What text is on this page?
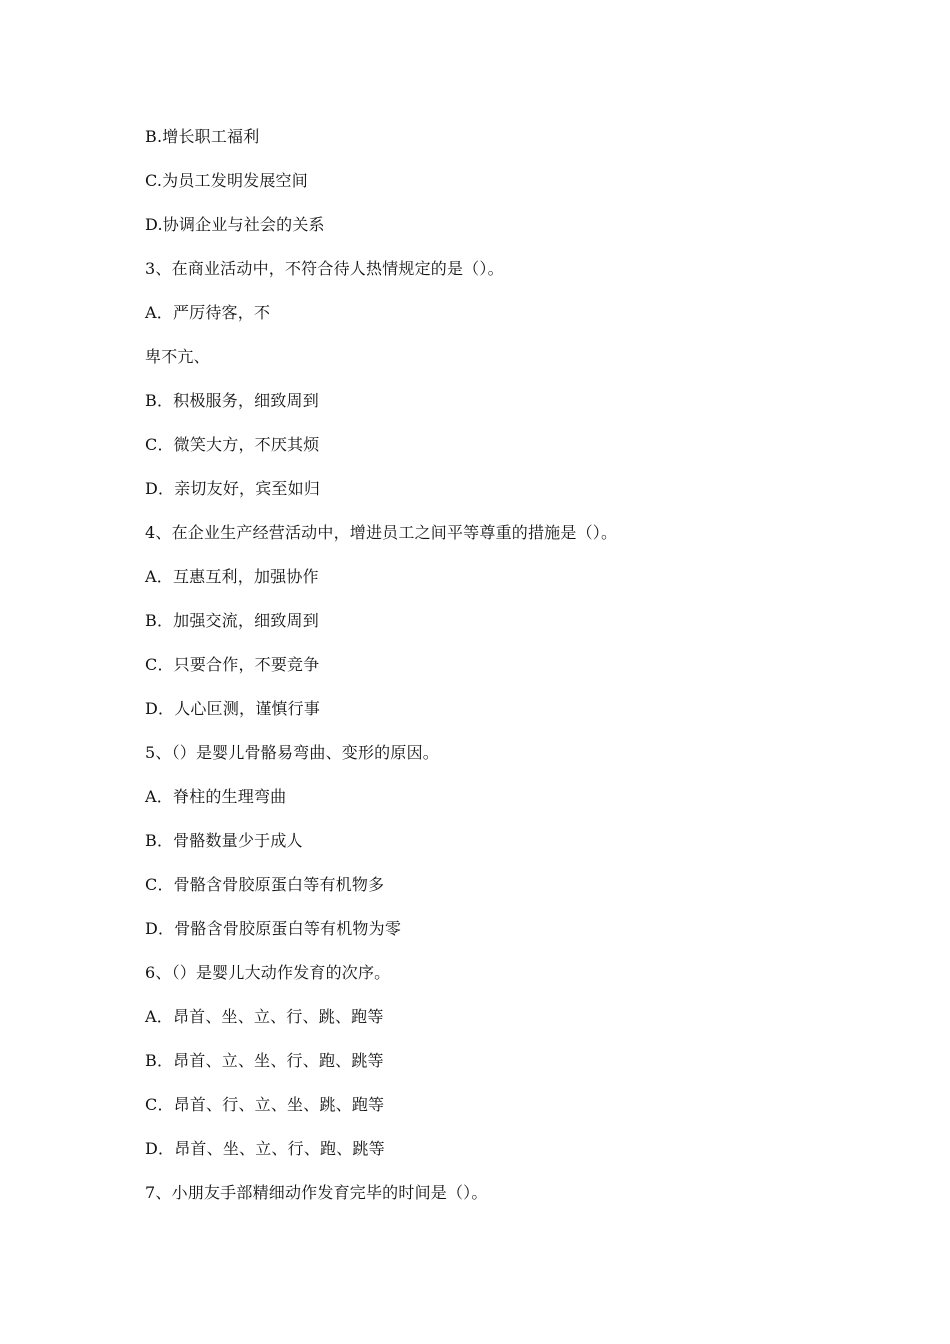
B.增长职工福利
C.为员工发明发展空间
D.协调企业与社会的关系
3、在商业活动中，不符合待人热情规定的是（）。
A．严厉待客，不
卑不亢、
B．积极服务，细致周到
C．微笑大方，不厌其烦
D．亲切友好，宾至如归
4、在企业生产经营活动中，增进员工之间平等尊重的措施是（）。
A．互惠互利，加强协作
B．加强交流，细致周到
C．只要合作，不要竞争
D．人心叵测，谨慎行事
5、（）是婴儿骨骼易弯曲、变形的原因。
A．脊柱的生理弯曲
B．骨骼数量少于成人
C．骨骼含骨胶原蛋白等有机物多
D．骨骼含骨胶原蛋白等有机物为零
6、（）是婴儿大动作发育的次序。
A．昂首、坐、立、行、跳、跑等
B．昂首、立、坐、行、跑、跳等
C．昂首、行、立、坐、跳、跑等
D．昂首、坐、立、行、跑、跳等
7、小朋友手部精细动作发育完毕的时间是（）。
